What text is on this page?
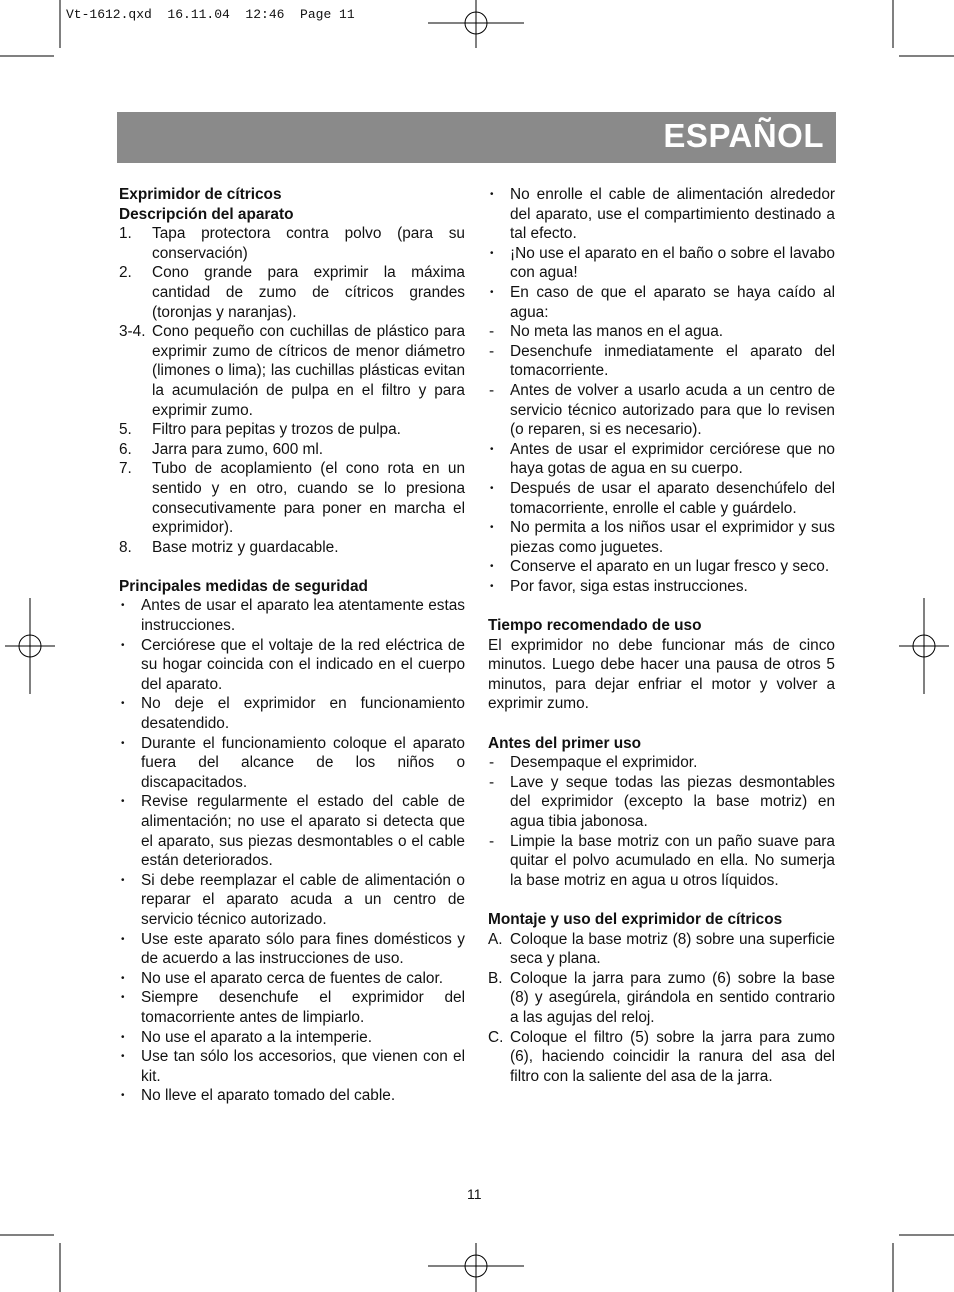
Vt-1612.qxd  16.11.04  12:46  Page 11
ESPAÑOL
Exprimidor de cítricos
Descripción del aparato
1.	Tapa protectora contra polvo (para su conservación)
2.	Cono grande para exprimir la máxima cantidad de zumo de cítricos grandes (toronjas y naranjas).
3-4. Cono pequeño con cuchillas de plástico para exprimir zumo de cítricos de menor diámetro (limones o lima); las cuchillas plásticas evitan la acumulación de pulpa en el filtro y para exprimir zumo.
5.	Filtro para pepitas y trozos de pulpa.
6.	Jarra para zumo, 600 ml.
7.	Tubo de acoplamiento (el cono rota en un sentido y en otro, cuando se lo presiona consecutivamente para poner en marcha el exprimidor).
8.	Base motriz y guardacable.
Principales medidas de seguridad
•	Antes de usar el aparato lea atentamente estas instrucciones.
•	Cerciórese que el voltaje de la red eléctrica de su hogar coincida con el indicado en el cuerpo del aparato.
•	No deje el exprimidor en funcionamiento desatendido.
•	Durante el funcionamiento coloque el aparato fuera del alcance de los niños o discapacitados.
•	Revise regularmente el estado del cable de alimentación; no use el aparato si detecta que el aparato, sus piezas desmontables o el cable están deteriorados.
•	Si debe reemplazar el cable de alimentación o reparar el aparato acuda a un centro de servicio técnico autorizado.
•	Use este aparato sólo para fines domésticos y de acuerdo a las instrucciones de uso.
•	No use el aparato cerca de fuentes de calor.
•	Siempre desenchufe el exprimidor del tomacorriente antes de limpiarlo.
•	No use el aparato a la intemperie.
•	Use tan sólo los accesorios, que vienen con el kit.
•	No lleve el aparato tomado del cable.
•	No enrolle el cable de alimentación alrededor del aparato, use el compartimiento destinado a tal efecto.
•	¡No use el aparato en el baño o sobre el lavabo con agua!
•	En caso de que el aparato se haya caído al agua:
-	No meta las manos en el agua.
-	Desenchufe inmediatamente el aparato del tomacorriente.
-	Antes de volver a usarlo acuda a un centro de servicio técnico autorizado para que lo revisen (o reparen, si es necesario).
•	Antes de usar el exprimidor cerciórese que no haya gotas de agua en su cuerpo.
•	Después de usar el aparato desenchúfelo del tomacorriente, enrolle el cable y guárdelo.
•	No permita a los niños usar el exprimidor y sus piezas como juguetes.
•	Conserve el aparato en un lugar fresco y seco.
•	Por favor, siga estas instrucciones.
Tiempo recomendado de uso
El exprimidor no debe funcionar más de cinco minutos. Luego debe hacer una pausa de otros 5 minutos, para dejar enfriar el motor y volver a exprimir zumo.
Antes del primer uso
-	Desempaque el exprimidor.
-	Lave y seque todas las piezas desmontables del exprimidor (excepto la base motriz) en agua tibia jabonosa.
-	Limpie la base motriz con un paño suave para quitar el polvo acumulado en ella. No sumerja la base motriz en agua u otros líquidos.
Montaje y uso del exprimidor de cítricos
A. Coloque la base motriz (8) sobre una superficie seca y plana.
B. Coloque la jarra para zumo (6) sobre la base (8) y asegúrela, girándola en sentido contrario a las agujas del reloj.
C. Coloque el filtro (5) sobre la jarra para zumo (6), haciendo coincidir la ranura del asa del filtro con la saliente del asa de la jarra.
11
